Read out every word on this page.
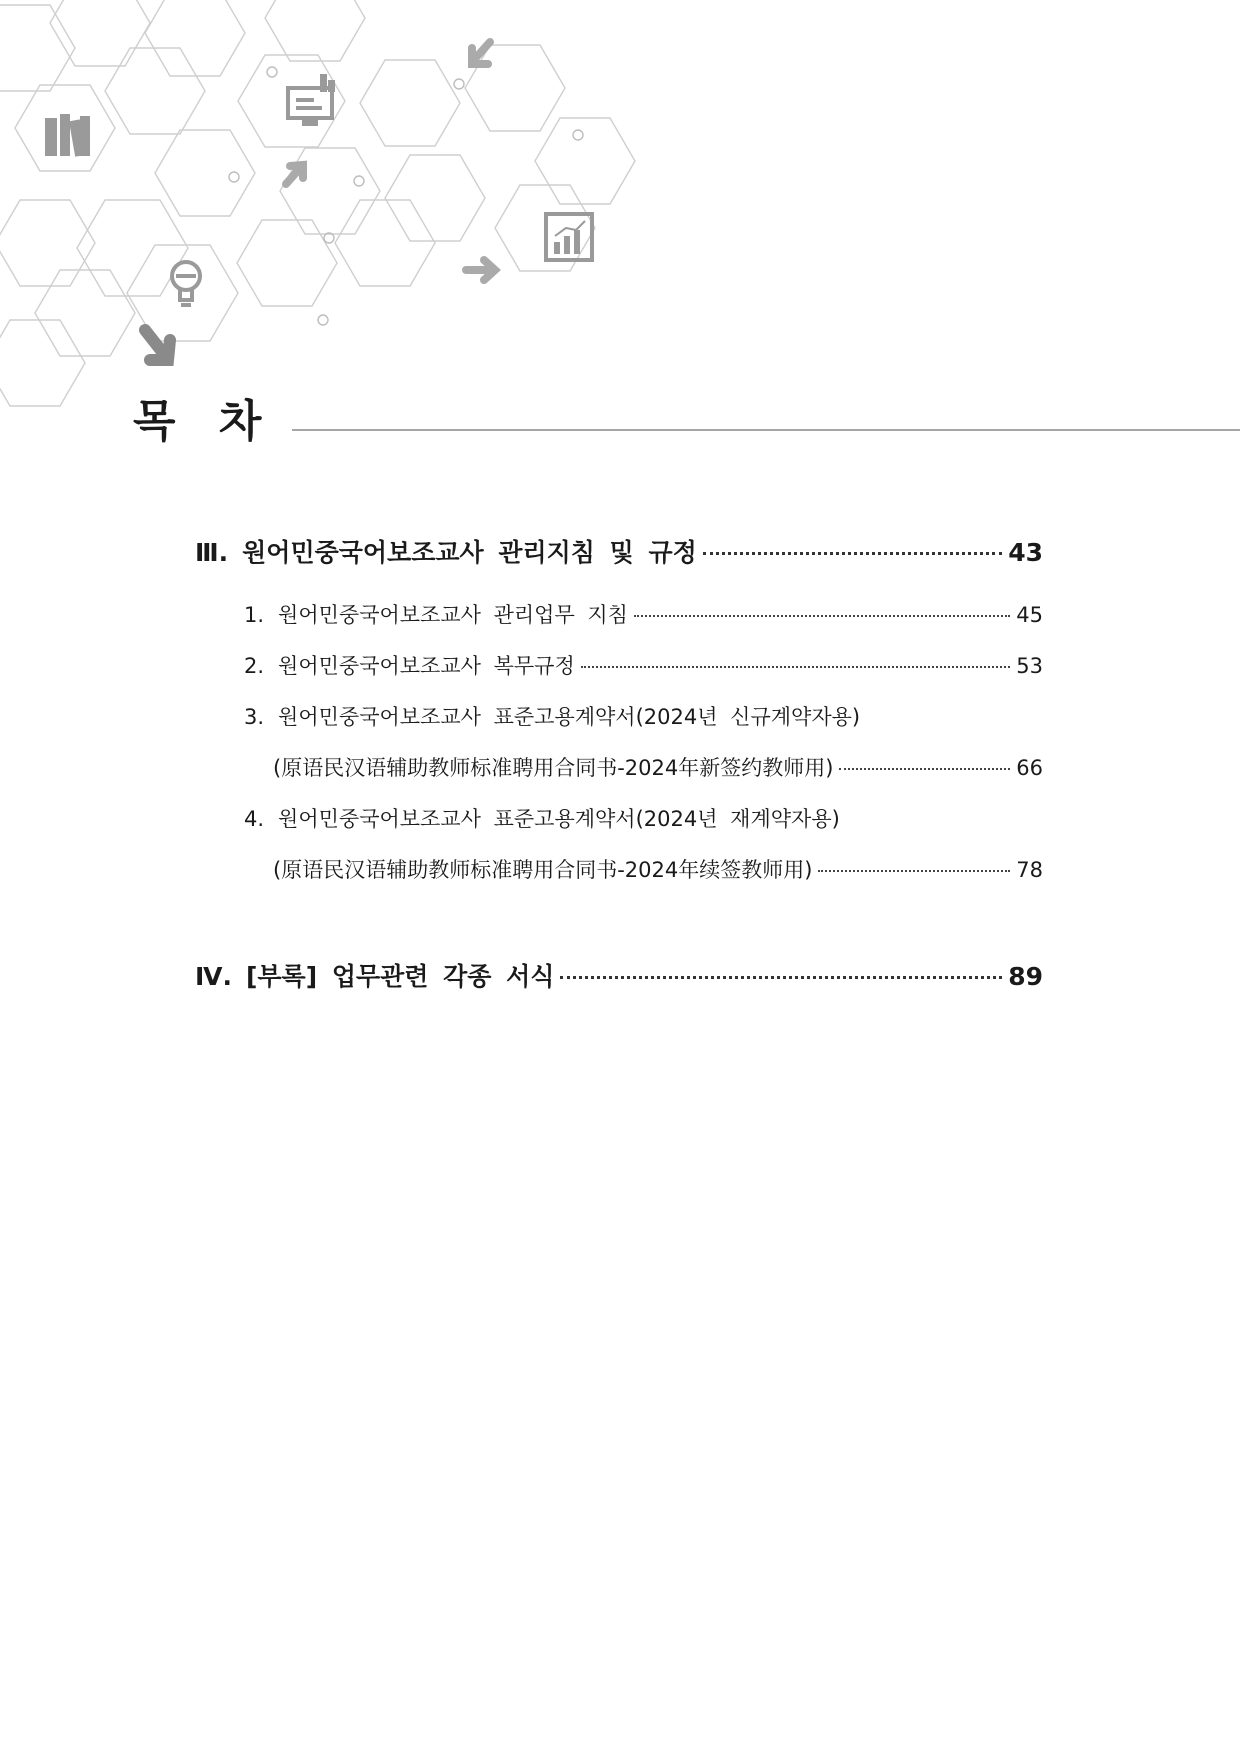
목 차
Ⅲ. 원어민중국어보조교사 관리지침 및 규정	43
1. 원어민중국어보조교사 관리업무 지침	45
2. 원어민중국어보조교사 복무규정	53
3. 원어민중국어보조교사 표준고용계약서(2024년 신규계약자용)
(原语民汉语辅助教师标准聘用合同书-2024年新签约教师用)	66
4. 원어민중국어보조교사 표준고용계약서(2024년 재계약자용)
(原语民汉语辅助教师标准聘用合同书-2024年续签教师用)	78
Ⅳ. [부록] 업무관련 각종 서식	89
